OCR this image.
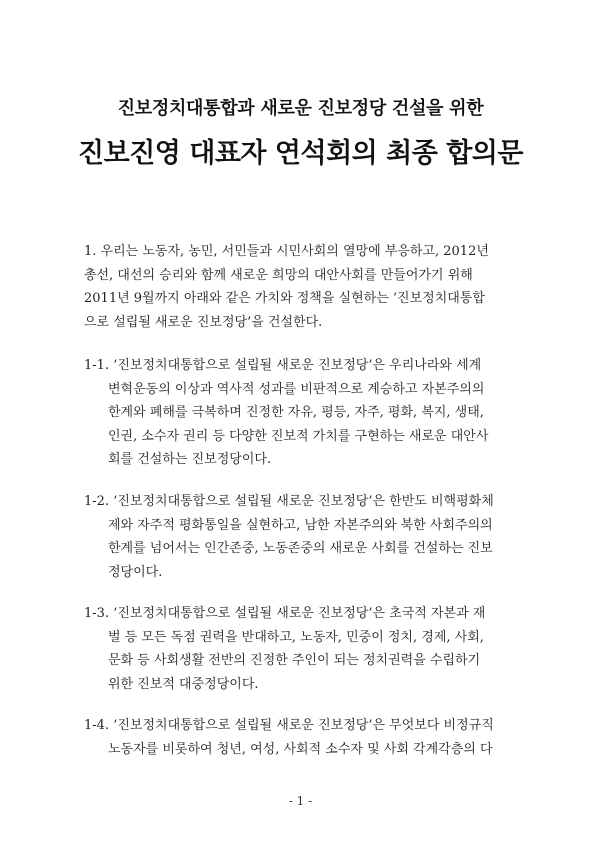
진보정치대통합과 새로운 진보정당 건설을 위한
진보진영 대표자 연석회의 최종 합의문
1. 우리는 노동자, 농민, 서민들과 시민사회의 열망에 부응하고, 2012년
총선, 대선의 승리와 함께 새로운 희망의 대안사회를 만들어가기 위해
2011년 9월까지 아래와 같은 가치와 정책을 실현하는 ‘진보정치대통합
으로 설립될 새로운 진보정당’을 건설한다.
1-1. ‘진보정치대통합으로 설립될 새로운 진보정당’은 우리나라와 세계
변혁운동의 이상과 역사적 성과를 비판적으로 계승하고 자본주의의
한계와 폐해를 극복하며 진정한 자유, 평등, 자주, 평화, 복지, 생태,
인권, 소수자 권리 등 다양한 진보적 가치를 구현하는 새로운 대안사
회를 건설하는 진보정당이다.
1-2. ‘진보정치대통합으로 설립될 새로운 진보정당’은 한반도 비핵평화체
제와 자주적 평화통일을 실현하고, 남한 자본주의와 북한 사회주의의
한계를 넘어서는 인간존중, 노동존중의 새로운 사회를 건설하는 진보
정당이다.
1-3. ‘진보정치대통합으로 설립될 새로운 진보정당’은 초국적 자본과 재
벌 등 모든 독점 권력을 반대하고, 노동자, 민중이 정치, 경제, 사회,
문화 등 사회생활 전반의 진정한 주인이 되는 정치권력을 수립하기
위한 진보적 대중정당이다.
1-4. ‘진보정치대통합으로 설립될 새로운 진보정당’은 무엇보다 비정규직
노동자를 비롯하여 청년, 여성, 사회적 소수자 및 사회 각계각층의 다
- 1 -
